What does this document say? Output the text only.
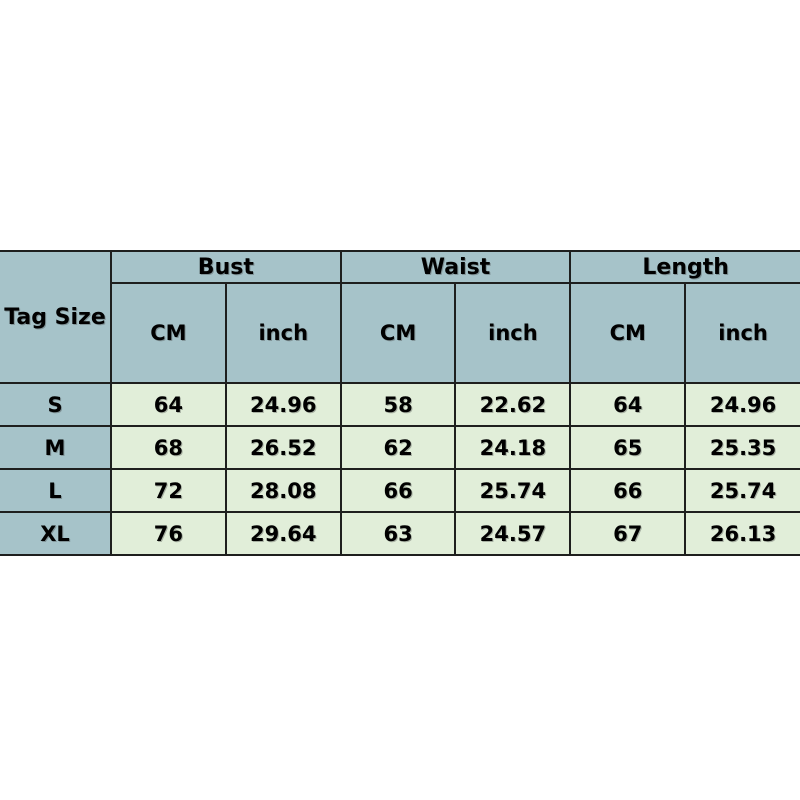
Tag Size	Bust		Waist		Length	
	CM	inch	CM	inch	CM	inch
S	64	24.96	58	22.62	64	24.96
M	68	26.52	62	24.18	65	25.35
L	72	28.08	66	25.74	66	25.74
XL	76	29.64	63	24.57	67	26.13
